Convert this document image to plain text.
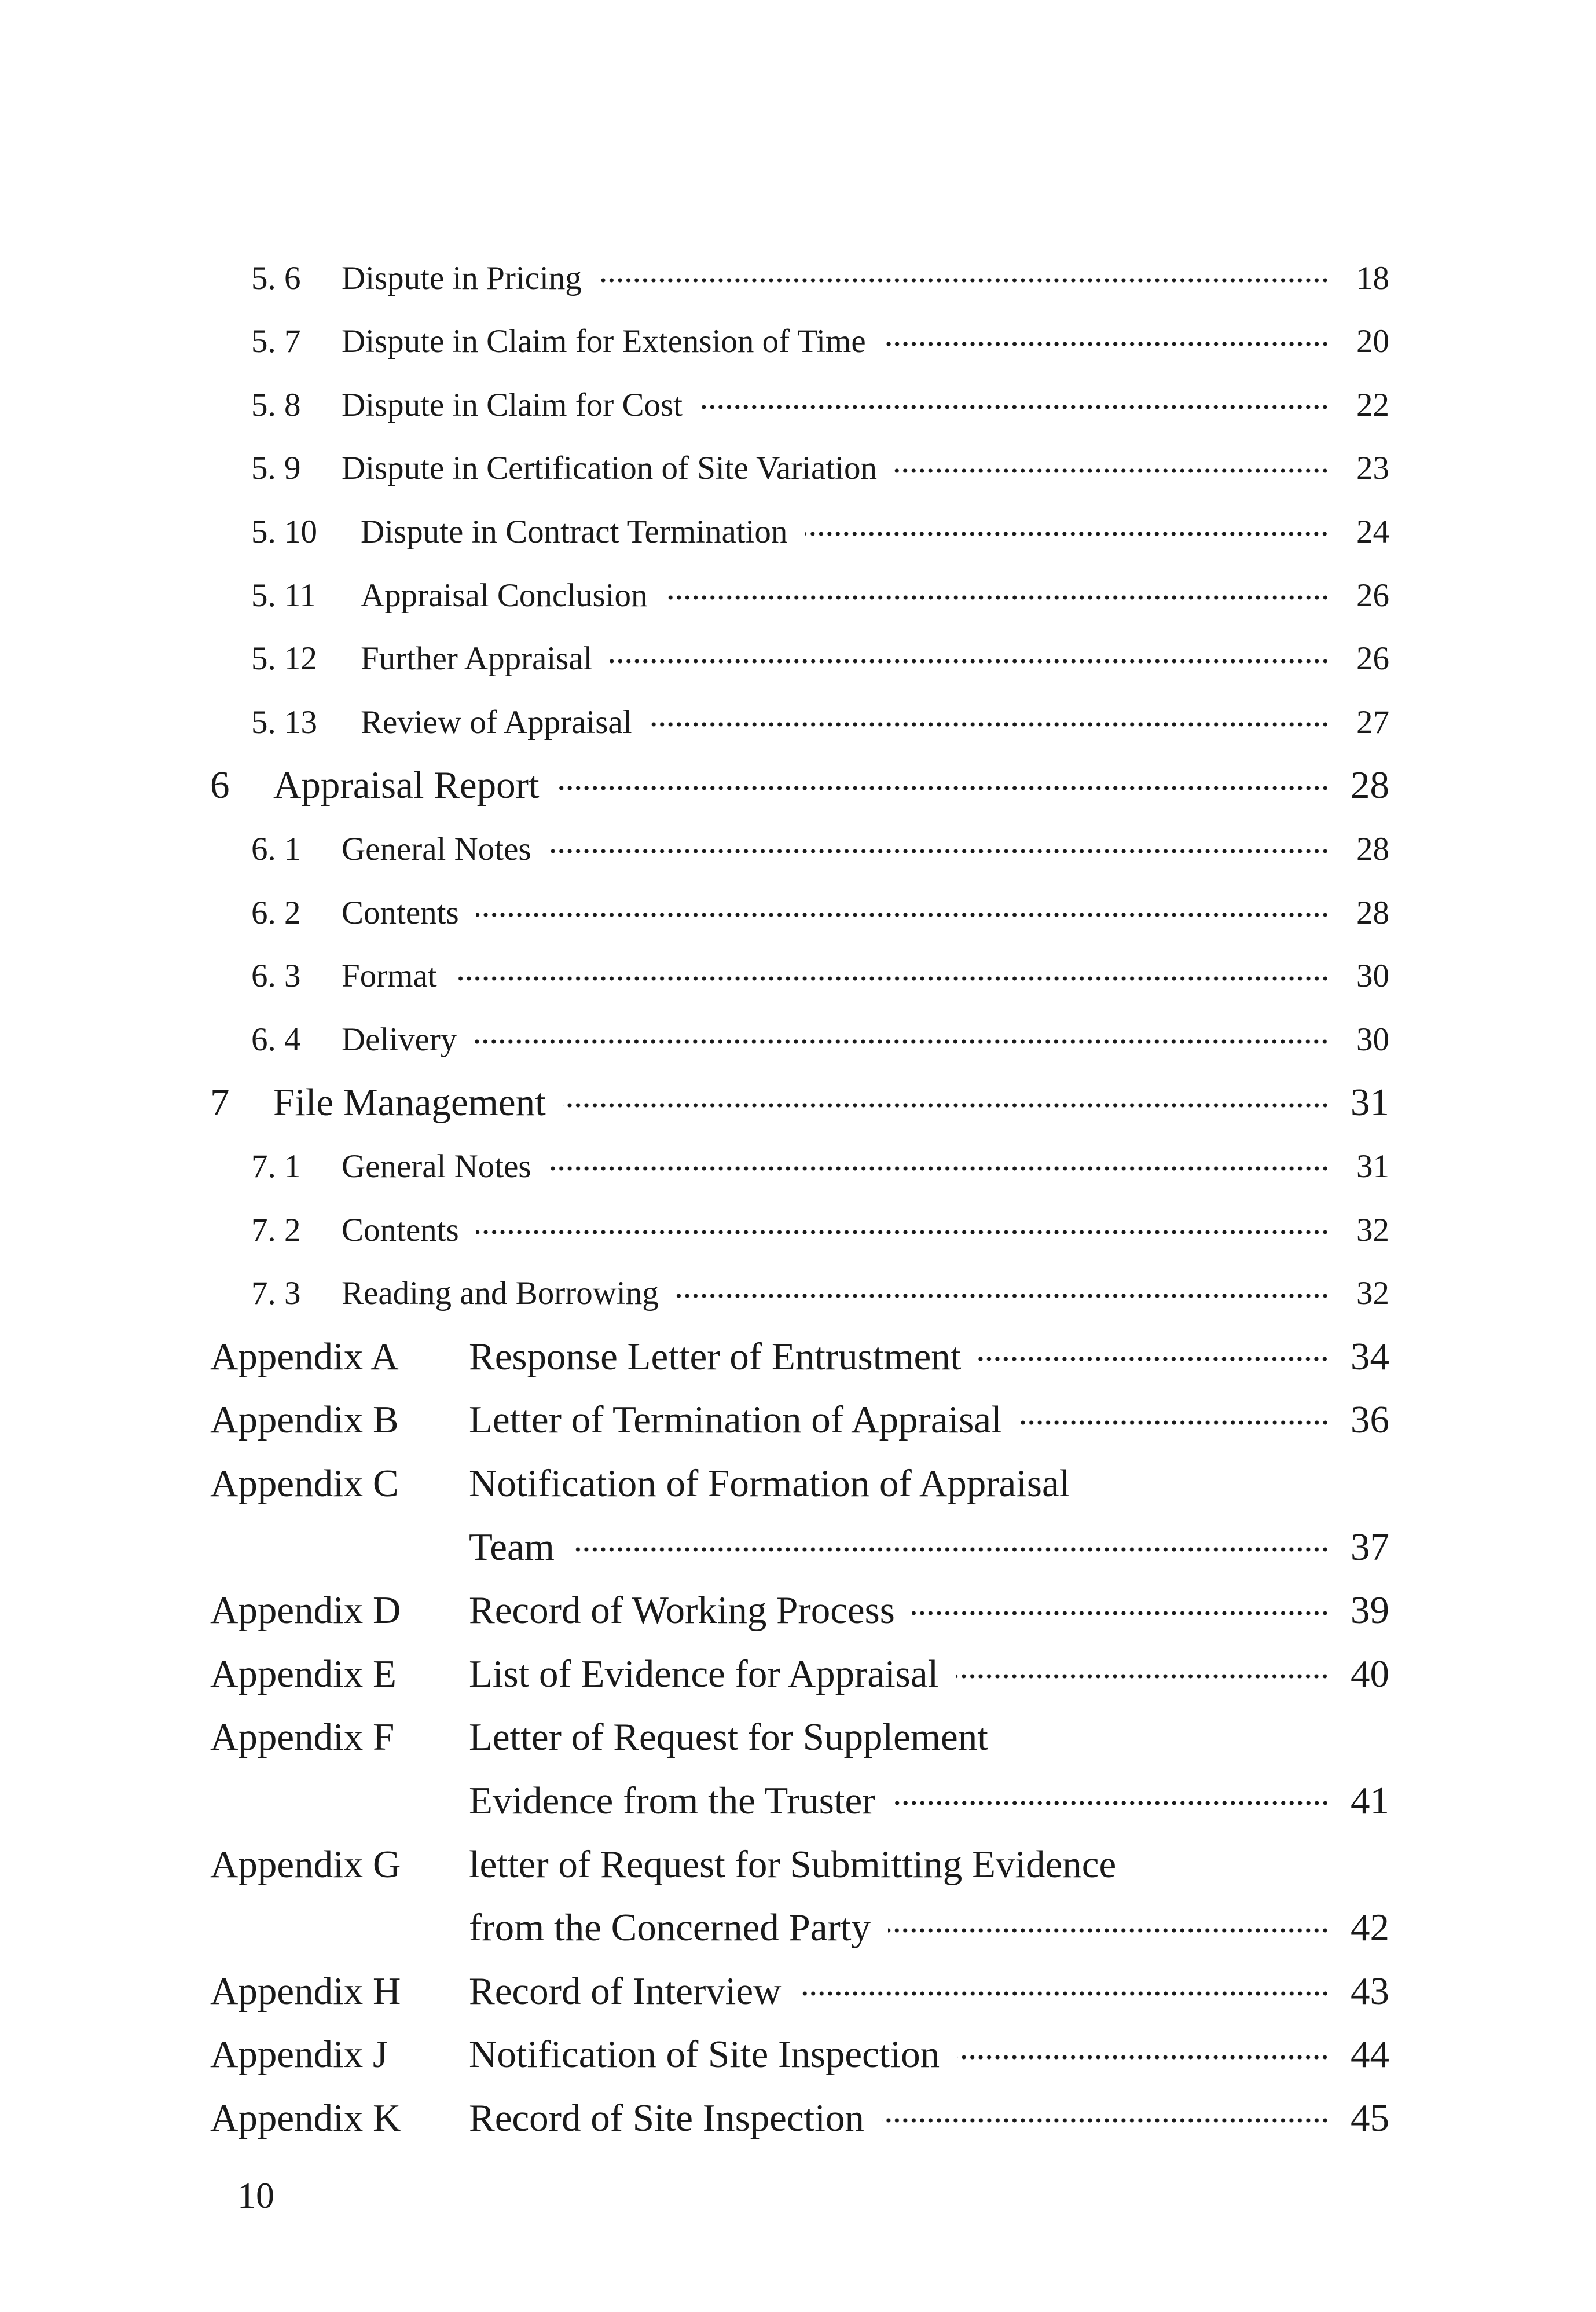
5. 6 Dispute in Pricing	18
5. 7 Dispute in Claim for Extension of Time	20
5. 8 Dispute in Claim for Cost	22
5. 9 Dispute in Certification of Site Variation	23
5. 10 Dispute in Contract Termination	24
5. 11 Appraisal Conclusion	26
5. 12 Further Appraisal	26
5. 13 Review of Appraisal	27
6 Appraisal Report	28
6. 1 General Notes	28
6. 2 Contents	28
6. 3 Format	30
6. 4 Delivery	30
7 File Management	31
7. 1 General Notes	31
7. 2 Contents	32
7. 3 Reading and Borrowing	32
Appendix A Response Letter of Entrustment	34
Appendix B Letter of Termination of Appraisal	36
Appendix C Notification of Formation of Appraisal
Team	37
Appendix D Record of Working Process	39
Appendix E List of Evidence for Appraisal	40
Appendix F Letter of Request for Supplement
Evidence from the Truster	41
Appendix G letter of Request for Submitting Evidence
from the Concerned Party	42
Appendix H Record of Interview	43
Appendix J Notification of Site Inspection	44
Appendix K Record of Site Inspection	45
10
